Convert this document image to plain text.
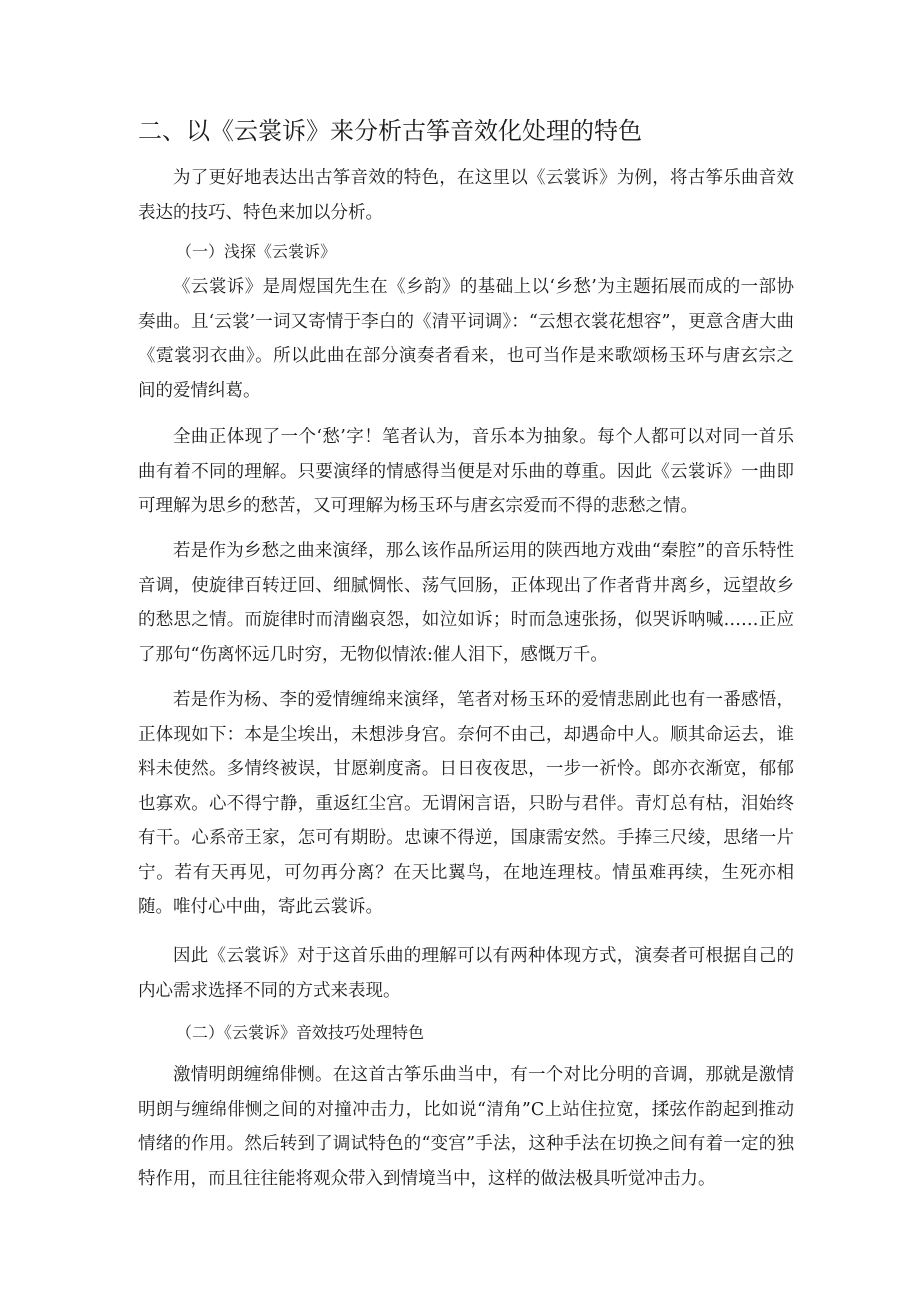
二、以《云裳诉》来分析古筝音效化处理的特色

为了更好地表达出古筝音效的特色，在这里以《云裳诉》为例，将古筝乐曲音效表达的技巧、特色来加以分析。

（一）浅探《云裳诉》

《云裳诉》是周煜国先生在《乡韵》的基础上以‘乡愁’为主题拓展而成的一部协奏曲。且‘云裳’一词又寄情于李白的《清平词调》：“云想衣裳花想容”，更意含唐大曲《霓裳羽衣曲》。所以此曲在部分演奏者看来，也可当作是来歌颂杨玉环与唐玄宗之间的爱情纠葛。

全曲正体现了一个‘愁’字！笔者认为，音乐本为抽象。每个人都可以对同一首乐曲有着不同的理解。只要演绎的情感得当便是对乐曲的尊重。因此《云裳诉》一曲即可理解为思乡的愁苦，又可理解为杨玉环与唐玄宗爱而不得的悲愁之情。

若是作为乡愁之曲来演绎，那么该作品所运用的陕西地方戏曲“秦腔”的音乐特性音调，使旋律百转迂回、细腻惆怅、荡气回肠，正体现出了作者背井离乡，远望故乡的愁思之情。而旋律时而清幽哀怨，如泣如诉；时而急速张扬，似哭诉呐喊……正应了那句“伤离怀远几时穷，无物似情浓:催人泪下，感慨万千。

若是作为杨、李的爱情缠绵来演绎，笔者对杨玉环的爱情悲剧此也有一番感悟，正体现如下：本是尘埃出，未想涉身宫。奈何不由己，却遇命中人。顺其命运去，谁料未使然。多情终被误，甘愿剃度斋。日日夜夜思，一步一祈怜。郎亦衣渐宽，郁郁也寡欢。心不得宁静，重返红尘宫。无谓闲言语，只盼与君伴。青灯总有枯，泪始终有干。心系帝王家，怎可有期盼。忠谏不得逆，国康需安然。手捧三尺绫，思绪一片宁。若有天再见，可勿再分离？在天比翼鸟，在地连理枝。情虽难再续，生死亦相随。唯付心中曲，寄此云裳诉。

因此《云裳诉》对于这首乐曲的理解可以有两种体现方式，演奏者可根据自己的内心需求选择不同的方式来表现。

（二）《云裳诉》音效技巧处理特色

激情明朗缠绵俳恻。在这首古筝乐曲当中，有一个对比分明的音调，那就是激情明朗与缠绵俳恻之间的对撞冲击力，比如说“清角”C上站住拉宽，揉弦作韵起到推动情绪的作用。然后转到了调试特色的“变宫”手法，这种手法在切换之间有着一定的独特作用，而且往往能将观众带入到情境当中，这样的做法极具听觉冲击力。
